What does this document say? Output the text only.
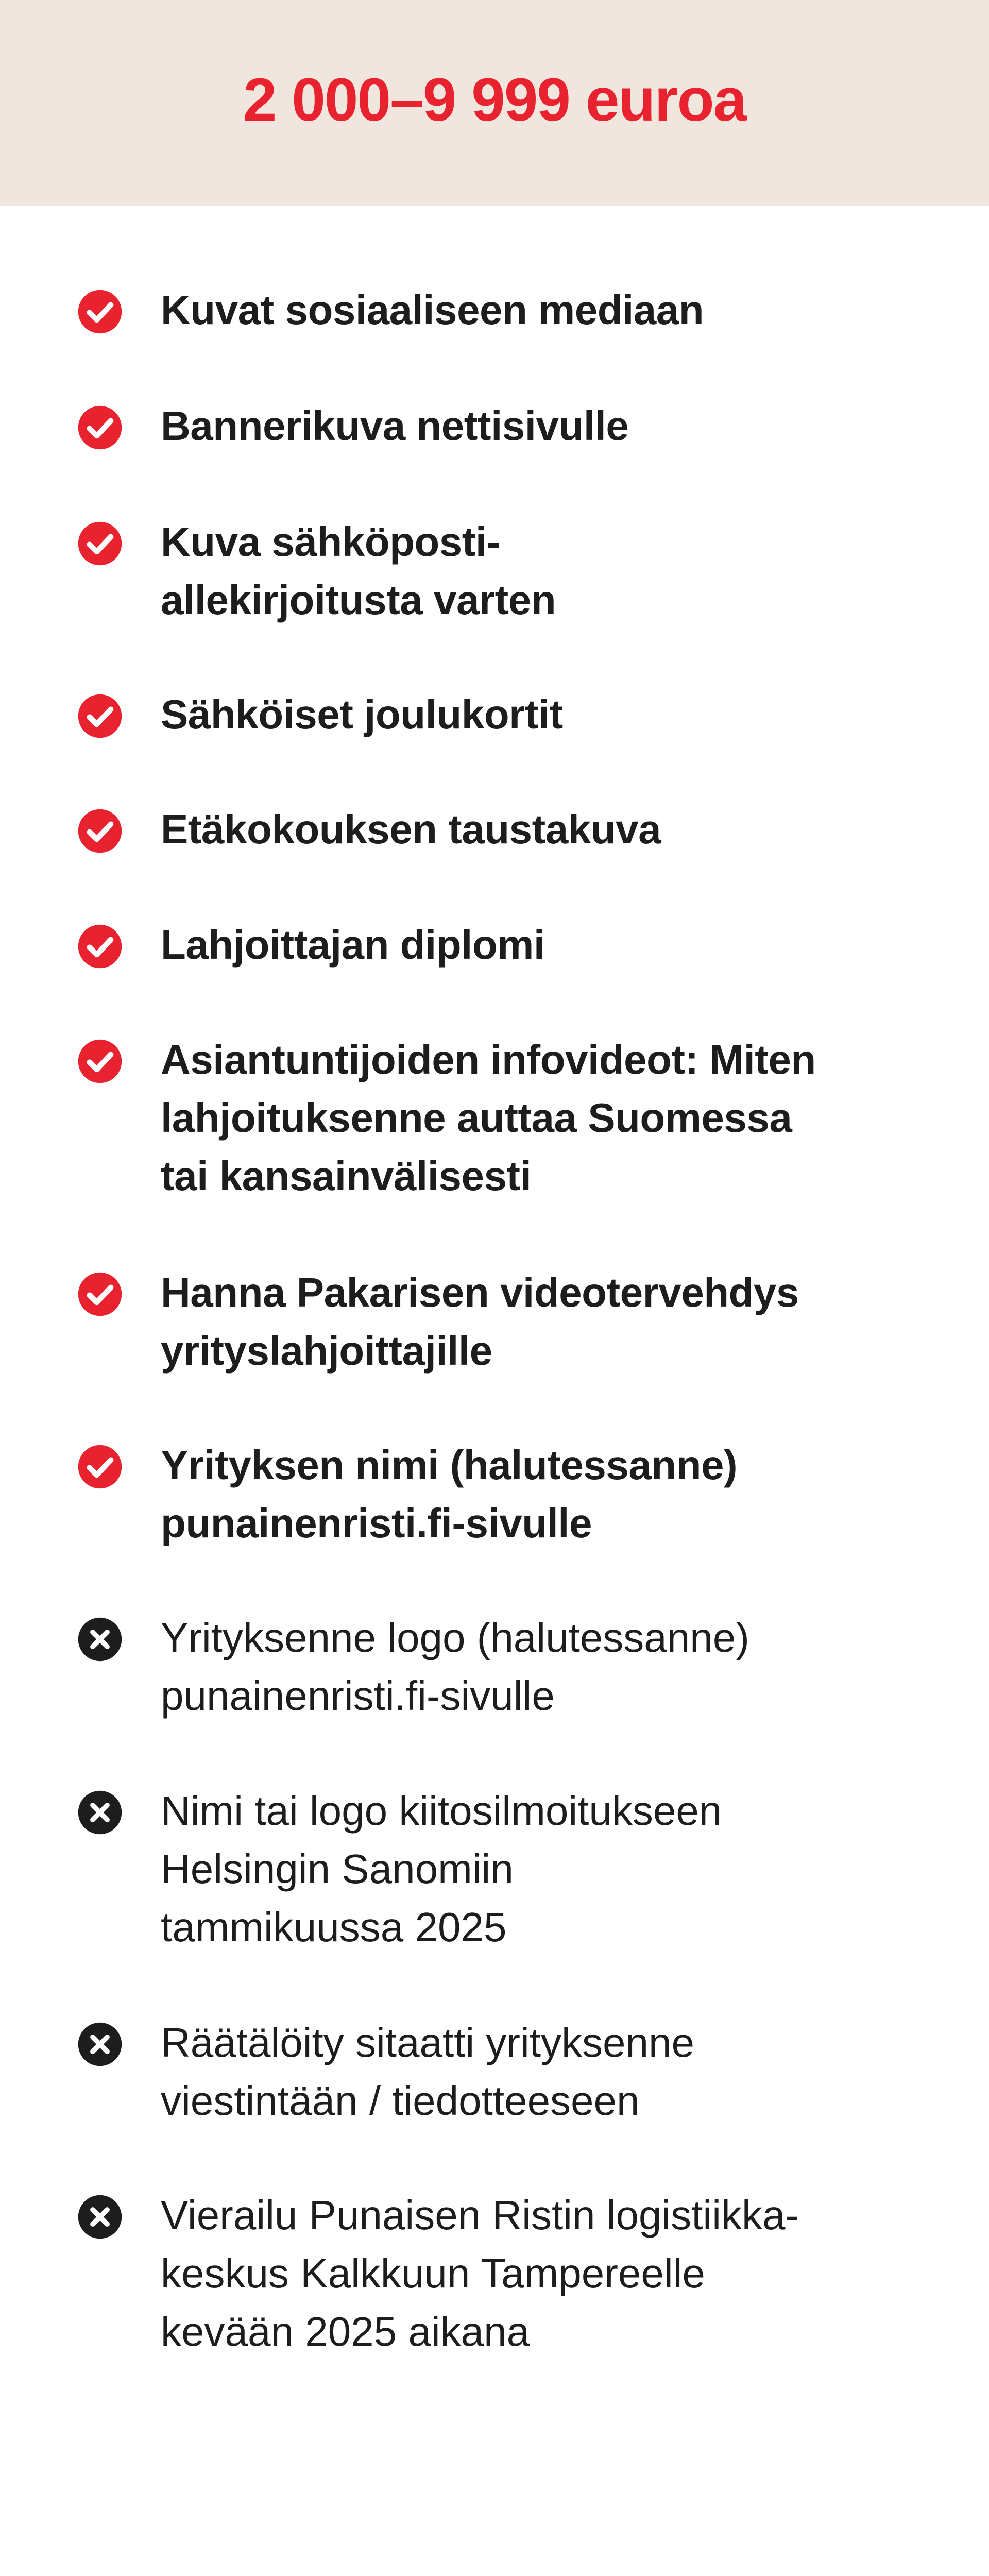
2 000–9 999 euroa
Kuvat sosiaaliseen mediaan
Bannerikuva nettisivulle
Kuva sähköposti-
allekirjoitusta varten
Sähköiset joulukortit
Etäkokouksen taustakuva
Lahjoittajan diplomi
Asiantuntijoiden infovideot: Miten
lahjoituksenne auttaa Suomessa
tai kansainvälisesti
Hanna Pakarisen videotervehdys
yrityslahjoittajille
Yrityksen nimi (halutessanne)
punainenristi.fi-sivulle
Yrityksenne logo (halutessanne)
punainenristi.fi-sivulle
Nimi tai logo kiitosilmoitukseen
Helsingin Sanomiin
tammikuussa 2025
Räätälöity sitaatti yrityksenne
viestintään / tiedotteeseen
Vierailu Punaisen Ristin logistiikka-
keskus Kalkkuun Tampereelle
kevään 2025 aikana
